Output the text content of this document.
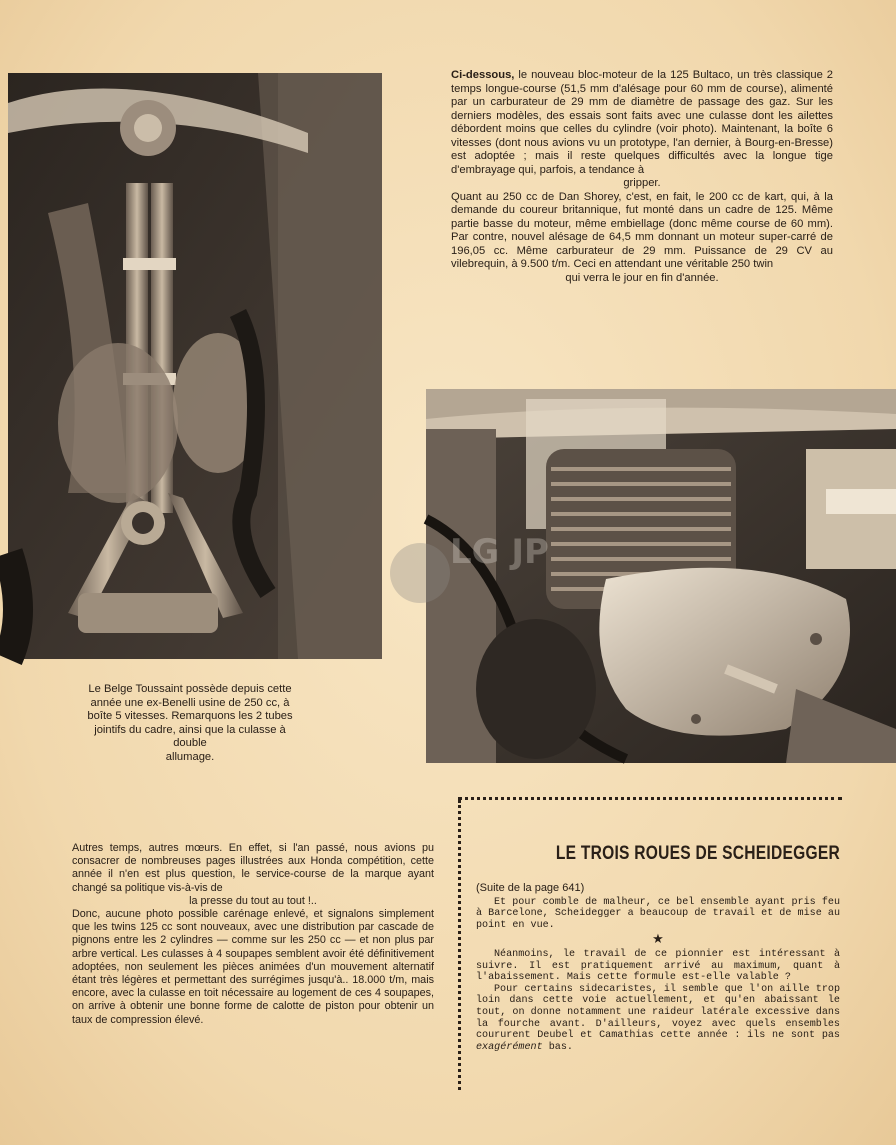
LG JP

Ci-dessous, le nouveau bloc-moteur de la 125 Bultaco, un très classique 2 temps longue-course (51,5 mm d'alésage pour 60 mm de course), alimenté par un carburateur de 29 mm de diamètre de passage des gaz. Sur les derniers modèles, des essais sont faits avec une culasse dont les ailettes débordent moins que celles du cylindre (voir photo). Maintenant, la boîte 6 vitesses (dont nous avions vu un prototype, l'an dernier, à Bourg-en-Bresse) est adoptée ; mais il reste quelques difficultés avec la longue tige d'embrayage qui, parfois, a tendance à

gripper.

Quant au 250 cc de Dan Shorey, c'est, en fait, le 200 cc de kart, qui, à la demande du coureur britannique, fut monté dans un cadre de 125. Même partie basse du moteur, même embiellage (donc même course de 60 mm). Par contre, nouvel alésage de 64,5 mm donnant un moteur super-carré de 196,05 cc. Même carburateur de 29 mm. Puissance de 29 CV au vilebrequin, à 9.500 t/m. Ceci en attendant une véritable 250 twin

qui verra le jour en fin d'année.

Le Belge Toussaint possède depuis cette année une ex-Benelli usine de 250 cc, à boîte 5 vitesses. Remarquons les 2 tubes jointifs du cadre, ainsi que la culasse à double

allumage.

Autres temps, autres mœurs. En effet, si l'an passé, nous avions pu consacrer de nombreuses pages illustrées aux Honda compétition, cette année il n'en est plus question, le service-course de la marque ayant changé sa politique vis-à-vis de

la presse du tout au tout !..

Donc, aucune photo possible carénage enlevé, et signalons simplement que les twins 125 cc sont nouveaux, avec une distribution par cascade de pignons entre les 2 cylindres — comme sur les 250 cc — et non plus par arbre vertical. Les culasses à 4 soupapes semblent avoir été définitivement adoptées, non seulement les pièces animées d'un mouvement alternatif étant très légères et permettant des surrégimes jusqu'à.. 18.000 t/m, mais encore, avec la culasse en toit nécessaire au logement de ces 4 soupapes, on arrive à obtenir une bonne forme de calotte de piston pour obtenir un taux de compression élevé.

LE TROIS ROUES DE SCHEIDEGGER

(Suite de la page 641)

Et pour comble de malheur, ce bel ensemble ayant pris feu à Barcelone, Scheidegger a beaucoup de travail et de mise au point en vue.

★

Néanmoins, le travail de ce pionnier est intéressant à suivre. Il est pratiquement arrivé au maximum, quant à l'abaissement. Mais cette formule est-elle valable ?

Pour certains sidecaristes, il semble que l'on aille trop loin dans cette voie actuellement, et qu'en abaissant le tout, on donne notamment une raideur latérale excessive dans la fourche avant. D'ailleurs, voyez avec quels ensembles coururent Deubel et Camathias cette année : ils ne sont pas exagérément bas.
